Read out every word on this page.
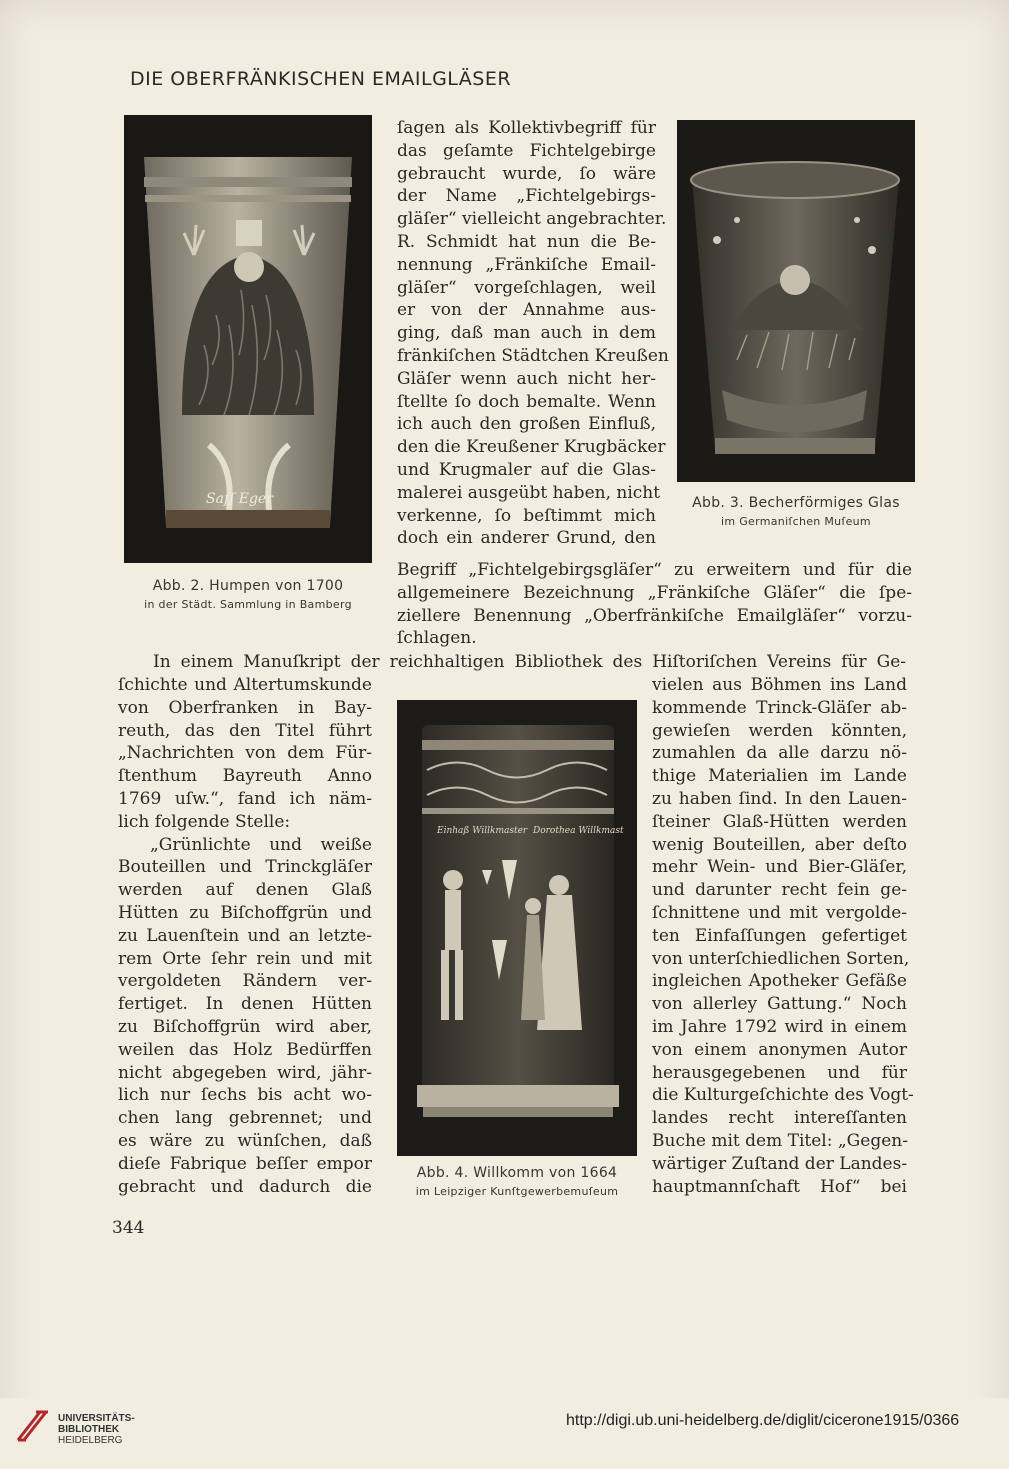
DIE OBERFRÄNKISCHEN EMAILGLÄSER
Saſſ Eger
Abb. 2. Humpen von 1700
in der Städt. Sammlung in Bamberg
Abb. 3. Becherförmiges Glas
im Germaniſchen Muſeum
Einhaß Willkmaster Dorothea Willkmast
Abb. 4. Willkomm von 1664
im Leipziger Kunſtgewerbemuſeum
ſagen als Kollektivbegriff für
das geſamte Fichtelgebirge
gebraucht wurde, ſo wäre
der Name „Fichtelgebirgs-
gläſer“ vielleicht angebrachter.
R. Schmidt hat nun die Be-
nennung „Fränkiſche Email-
gläſer“ vorgeſchlagen, weil
er von der Annahme aus-
ging, daß man auch in dem
fränkiſchen Städtchen Kreußen
Gläſer wenn auch nicht her-
ſtellte ſo doch bemalte. Wenn
ich auch den großen Einfluß,
den die Kreußener Krugbäcker
und Krugmaler auf die Glas-
malerei ausgeübt haben, nicht
verkenne, ſo beſtimmt mich
doch ein anderer Grund, den
Begriff „Fichtelgebirgsgläſer“ zu erweitern und für die
allgemeinere Bezeichnung „Fränkiſche Gläſer“ die ſpe-
ziellere Benennung „Oberfränkiſche Emailgläſer“ vorzu-
ſchlagen.
In einem Manuſkript der reichhaltigen Bibliothek des Hiſtoriſchen Vereins für Ge-
ſchichte und Altertumskunde
von Oberfranken in Bay-
reuth, das den Titel führt
„Nachrichten von dem Für-
ſtenthum Bayreuth Anno
1769 uſw.“, fand ich näm-
lich folgende Stelle:
„Grünlichte und weiße
Bouteillen und Trinckgläſer
werden auf denen Glaß
Hütten zu Biſchoffgrün und
zu Lauenſtein und an letzte-
rem Orte ſehr rein und mit
vergoldeten Rändern ver-
fertiget. In denen Hütten
zu Biſchoffgrün wird aber,
weilen das Holz Bedürffen
nicht abgegeben wird, jähr-
lich nur ſechs bis acht wo-
chen lang gebrennet; und
es wäre zu wünſchen, daß
dieſe Fabrique beſſer empor
gebracht und dadurch die
vielen aus Böhmen ins Land
kommende Trinck-Gläſer ab-
gewieſen werden könnten,
zumahlen da alle darzu nö-
thige Materialien im Lande
zu haben ſind. In den Lauen-
ſteiner Glaß-Hütten werden
wenig Bouteillen, aber deſto
mehr Wein- und Bier-Gläſer,
und darunter recht fein ge-
ſchnittene und mit vergolde-
ten Einfaſſungen gefertiget
von unterſchiedlichen Sorten,
ingleichen Apotheker Gefäße
von allerley Gattung.“ Noch
im Jahre 1792 wird in einem
von einem anonymen Autor
herausgegebenen und für
die Kulturgeſchichte des Vogt-
landes recht intereſſanten
Buche mit dem Titel: „Gegen-
wärtiger Zuſtand der Landes-
hauptmannſchaft Hof“ bei
344
UNIVERSITÄTS-
BIBLIOTHEK
HEIDELBERG
http://digi.ub.uni-heidelberg.de/diglit/cicerone1915/0366
